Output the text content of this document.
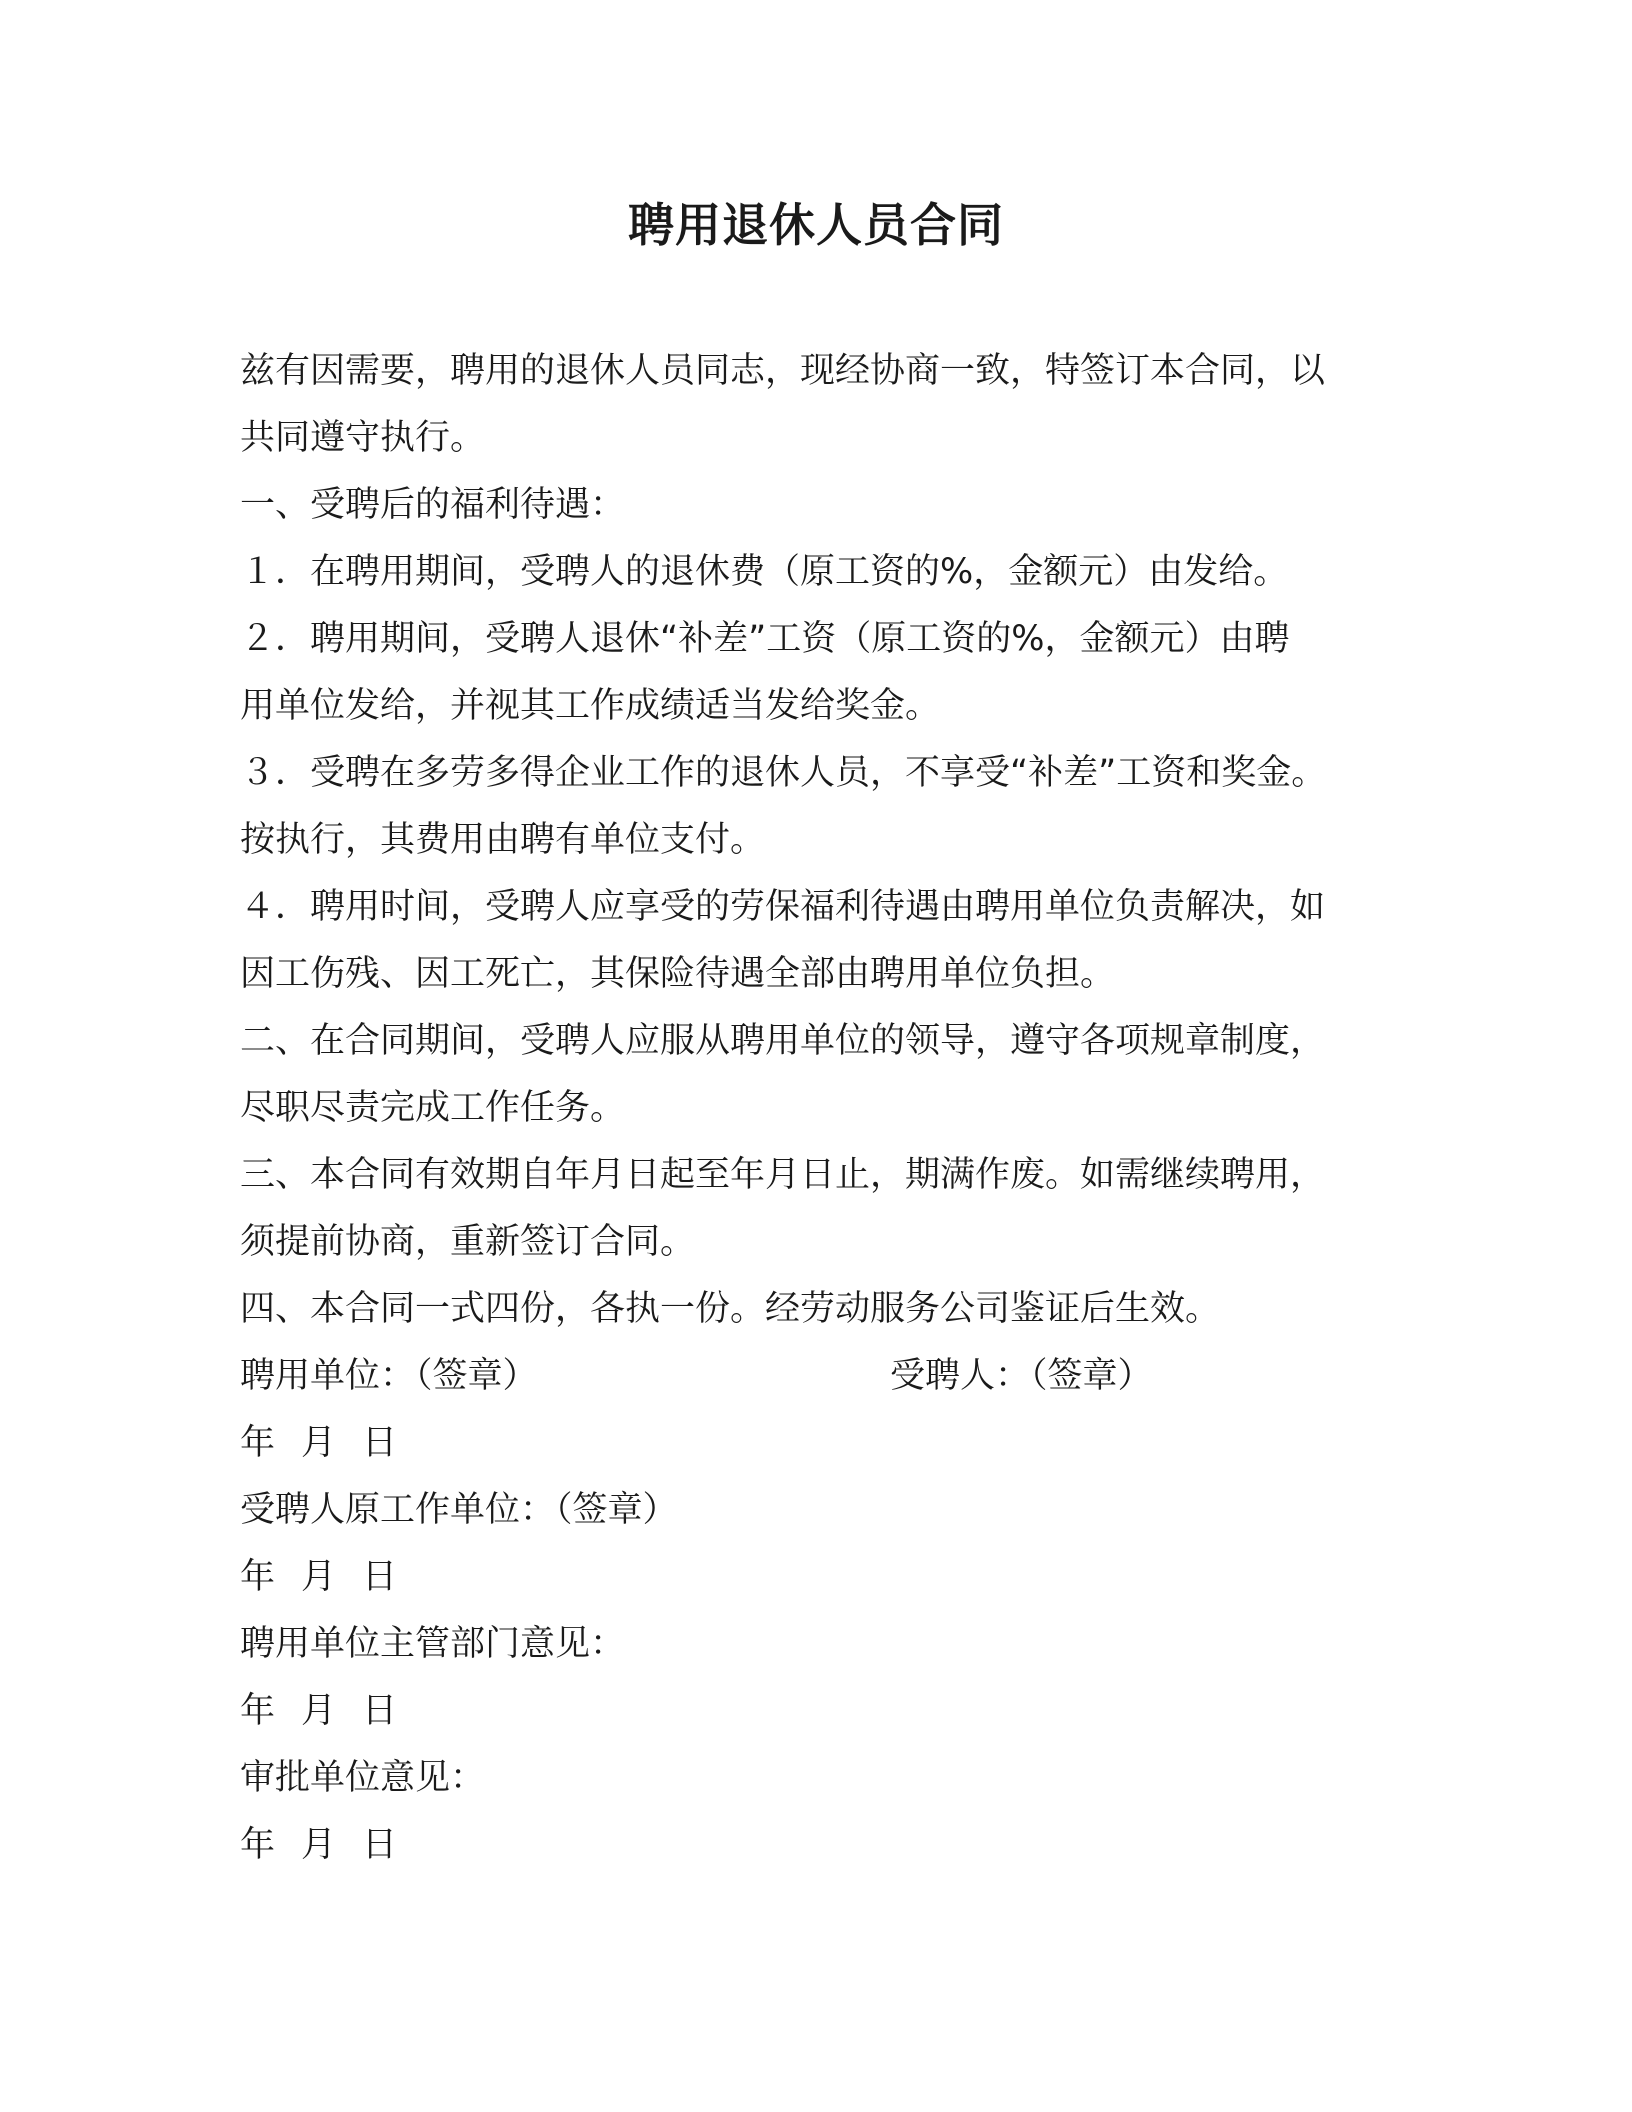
聘用退休人员合同

兹有因需要，聘用的退休人员同志，现经协商一致，特签订本合同，以

共同遵守执行。

一、受聘后的福利待遇：

１．在聘用期间，受聘人的退休费（原工资的%，金额元）由发给。

２．聘用期间，受聘人退休“补差”工资（原工资的%，金额元）由聘

用单位发给，并视其工作成绩适当发给奖金。

３．受聘在多劳多得企业工作的退休人员，不享受“补差”工资和奖金。

按执行，其费用由聘有单位支付。

４．聘用时间，受聘人应享受的劳保福利待遇由聘用单位负责解决，如

因工伤残、因工死亡，其保险待遇全部由聘用单位负担。

二、在合同期间，受聘人应服从聘用单位的领导，遵守各项规章制度，

尽职尽责完成工作任务。

三、本合同有效期自年月日起至年月日止，期满作废。如需继续聘用，

须提前协商，重新签订合同。

四、本合同一式四份，各执一份。经劳动服务公司鉴证后生效。

聘用单位：（签章）	受聘人：（签章）
年 月 日

受聘人原工作单位：（签章）

年 月 日

聘用单位主管部门意见：

年 月 日

审批单位意见：

年 月 日
